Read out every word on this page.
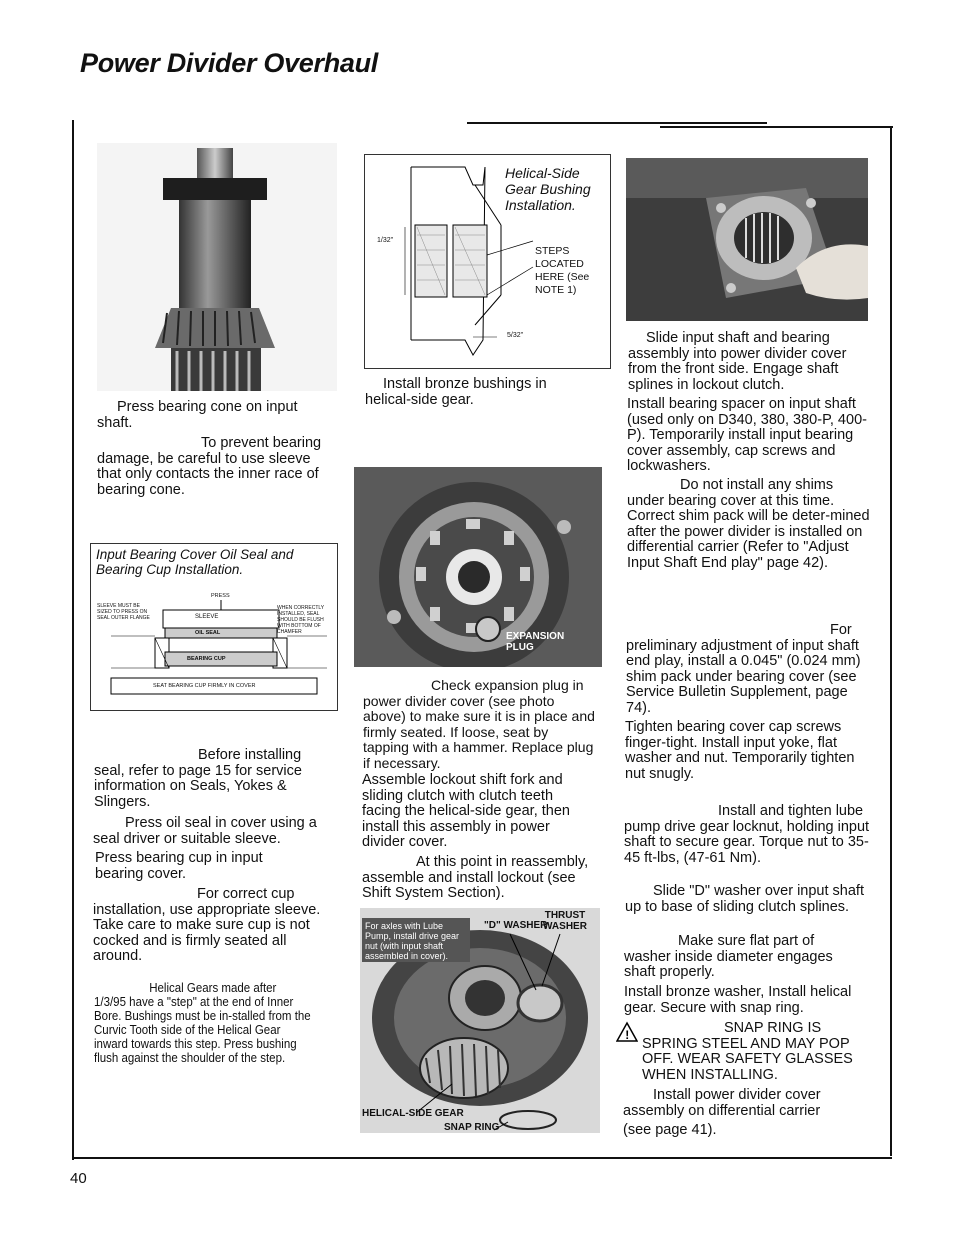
Power Divider Overhaul
Press bearing cone on input shaft.
To prevent bearing damage, be careful to use sleeve that only contacts the inner race of bearing cone.
Input Bearing Cover Oil Seal and Bearing Cup Installation.
PRESS
SLEEVE
SLEEVE MUST BE SIZED TO PRESS ON SEAL OUTER FLANGE
WHEN CORRECTLY INSTALLED, SEAL SHOULD BE FLUSH WITH BOTTOM OF CHAMFER
OIL SEAL
BEARING CUP
SEAT BEARING CUP FIRMLY IN COVER
Before installing seal, refer to page 15 for service information on Seals, Yokes & Slingers.
Press oil seal in cover using a seal driver or suitable sleeve.
Press bearing cup in input bearing cover.
For correct cup installation, use appropriate sleeve. Take care to make sure cup is not cocked and is firmly seated all around.
Helical Gears made after 1/3/95 have a "step" at the end of Inner Bore. Bushings must be in-stalled from the Curvic Tooth side of the Helical Gear inward towards this step. Press bushing flush against the shoulder of the step.
Helical-Side Gear Bushing Installation.
1/32"
5/32"
STEPS LOCATED HERE (See NOTE 1)
Install bronze bushings in helical-side gear.
EXPANSION PLUG
Check expansion plug in power divider cover (see photo above) to make sure it is in place and firmly seated. If loose, seat by tapping with a hammer. Replace plug if necessary.
Assemble lockout shift fork and sliding clutch with clutch teeth facing the helical-side gear, then install this assembly in power divider cover.
At this point in reassembly, assemble and install lockout (see Shift System Section).
For axles with Lube Pump, install drive gear nut (with input shaft assembled in cover).
"D" WASHER
THRUST WASHER
HELICAL-SIDE GEAR
SNAP RING
Slide input shaft and bearing assembly into power divider cover from the front side. Engage shaft splines in lockout clutch.
Install bearing spacer on input shaft (used only on D340, 380, 380-P, 400-P). Temporarily install input bearing cover assembly, cap screws and lockwashers.
Do not install any shims under bearing cover at this time. Correct shim pack will be deter-mined after the power divider is installed on differential carrier (Refer to "Adjust Input Shaft End play" page 42).
For preliminary adjustment of input shaft end play, install a 0.045" (0.024 mm) shim pack under bearing cover (see Service Bulletin Supplement, page 74).
Tighten bearing cover cap screws finger-tight. Install input yoke, flat washer and nut. Temporarily tighten nut snugly.
Install and tighten lube pump drive gear locknut, holding input shaft to secure gear. Torque nut to 35-45 ft-lbs, (47-61 Nm).
Slide "D" washer over input shaft up to base of sliding clutch splines.
Make sure flat part of washer inside diameter engages shaft properly.
Install bronze washer, Install helical gear. Secure with snap ring.
!	SNAP RING IS SPRING STEEL AND MAY POP OFF. WEAR SAFETY GLASSES WHEN INSTALLING.
Install power divider cover assembly on differential carrier
(see page 41).
40
